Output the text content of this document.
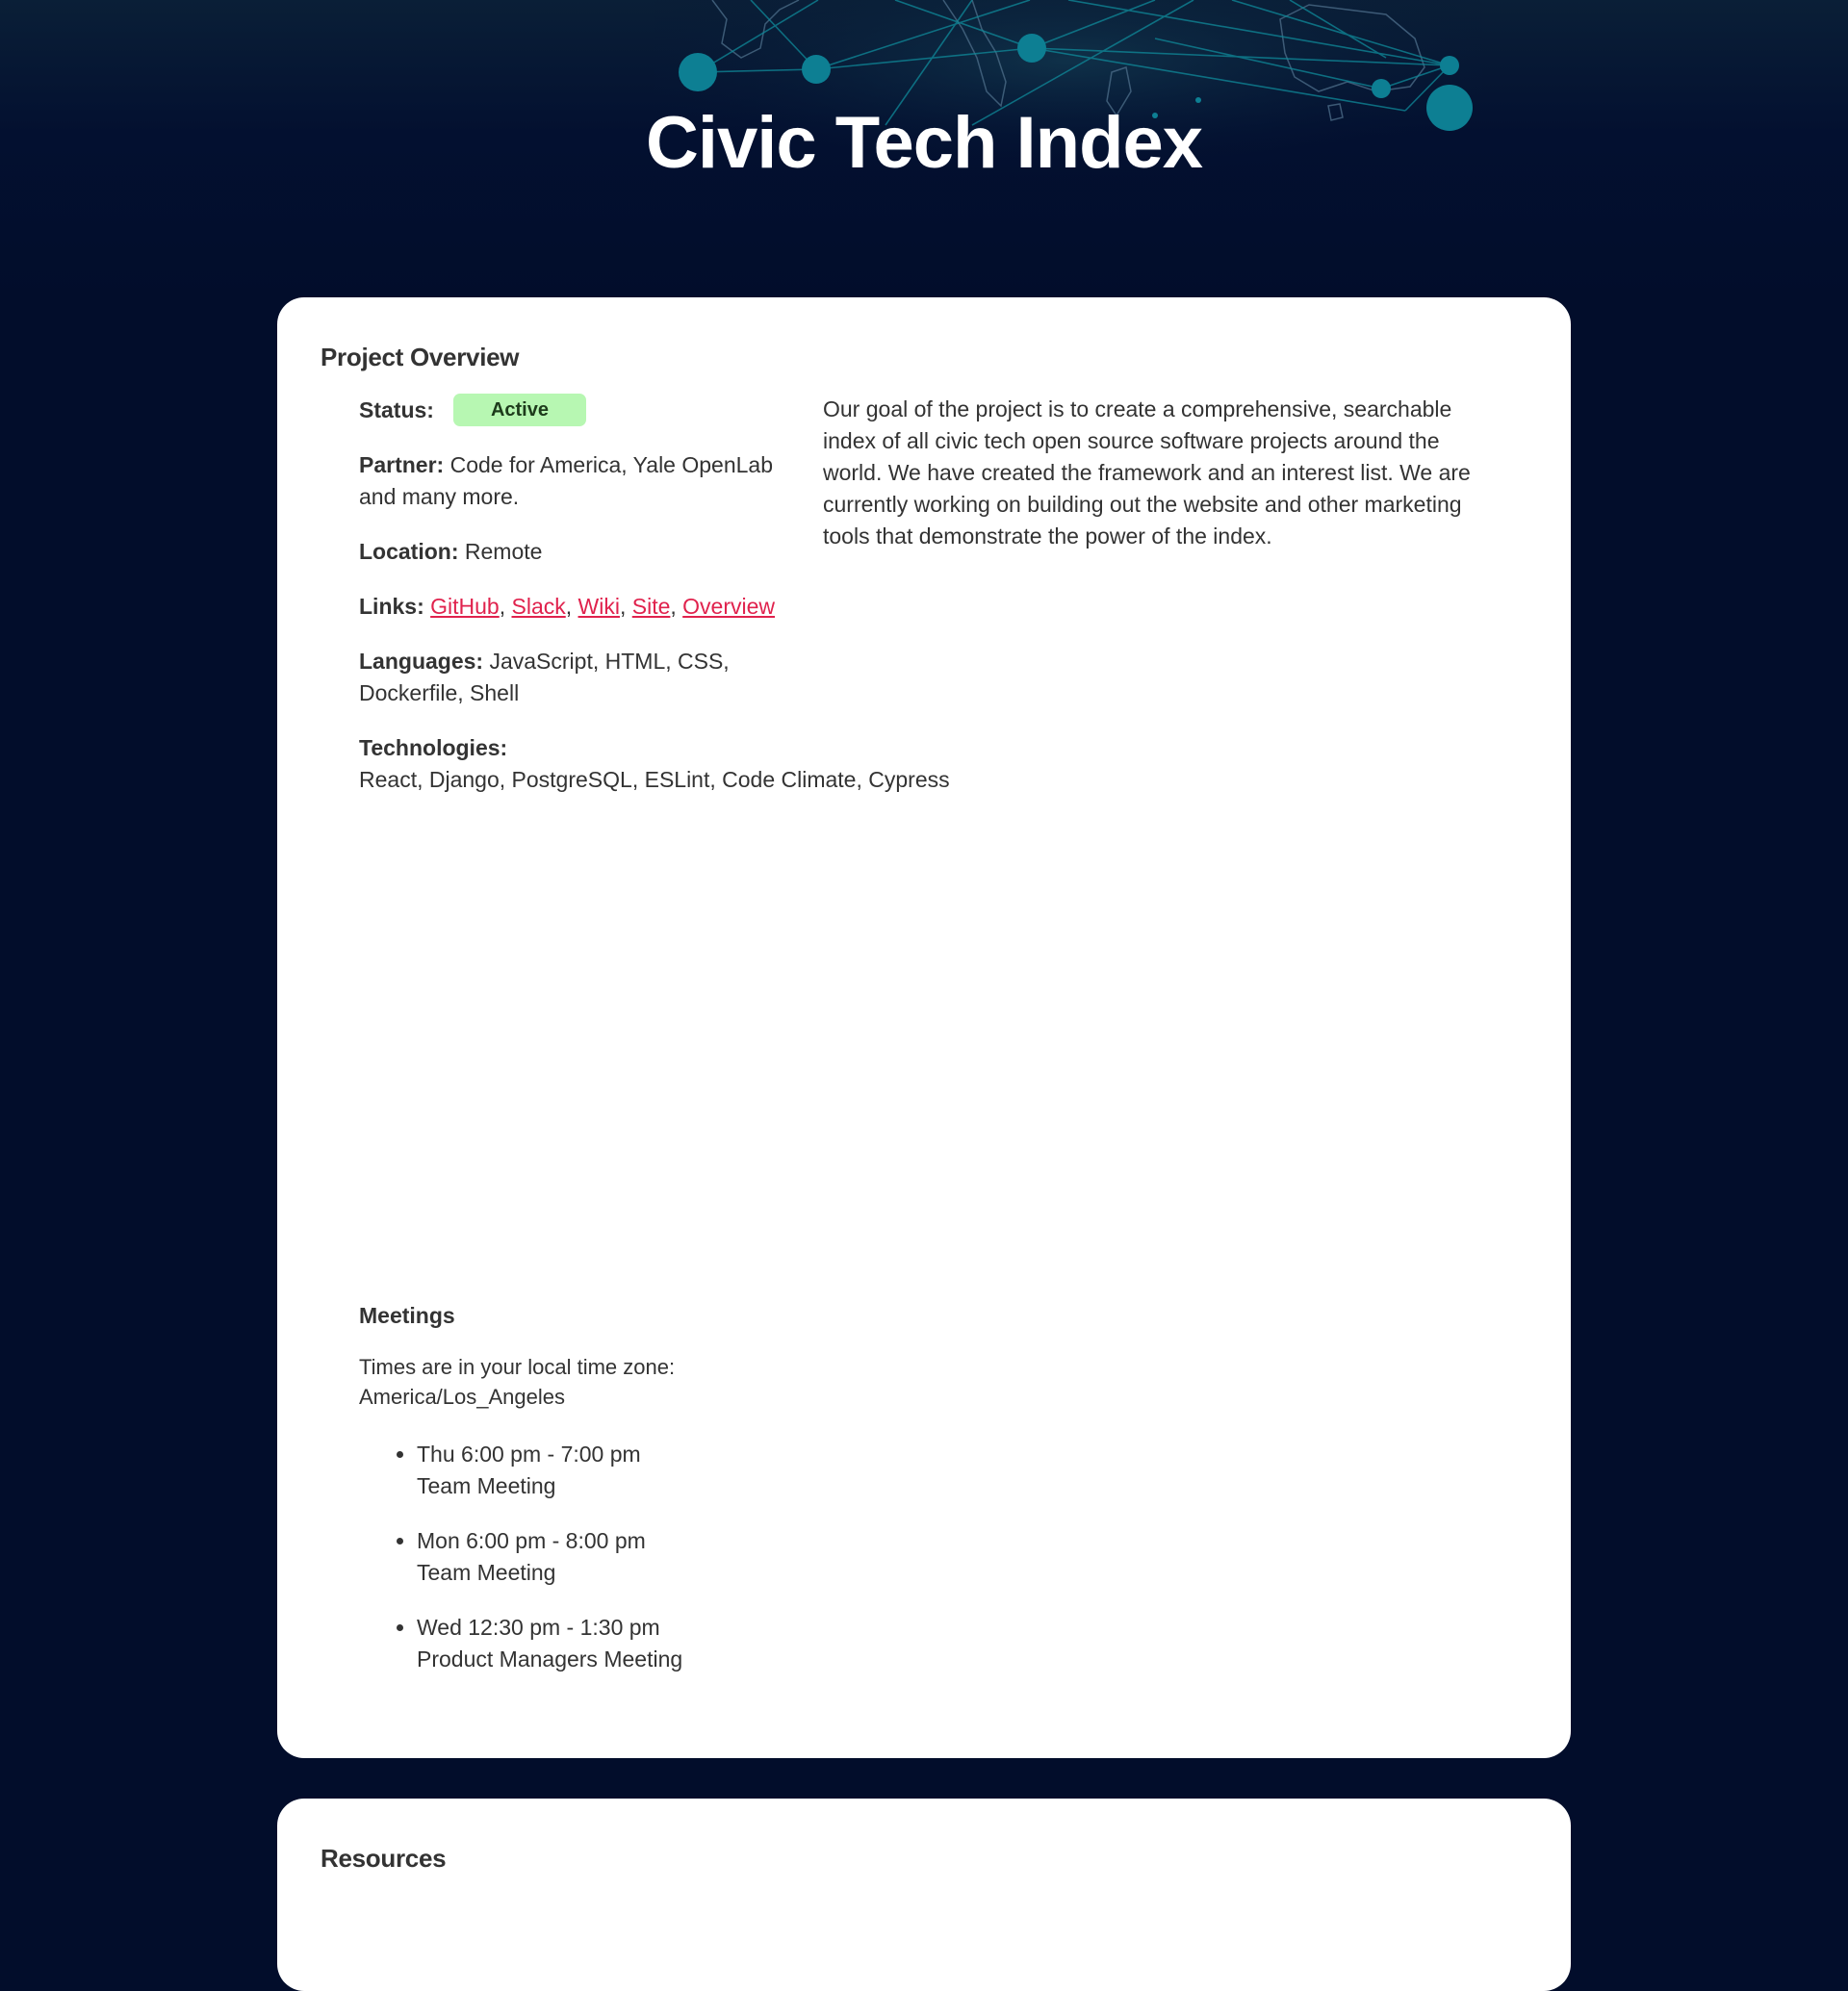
Civic Tech Index
Project Overview
Status:	Active
Partner: Code for America, Yale OpenLab and many more.
Location: Remote
Links: GitHub, Slack, Wiki, Site, Overview
Languages: JavaScript, HTML, CSS, Dockerfile, Shell
Technologies:
React, Django, PostgreSQL, ESLint, Code Climate, Cypress

Our goal of the project is to create a comprehensive, searchable index of all civic tech open source software projects around the world. We have created the framework and an interest list. We are currently working on building out the website and other marketing tools that demonstrate the power of the index.

Meetings
Times are in your local time zone:
America/Los_Angeles
• Thu 6:00 pm - 7:00 pm
Team Meeting
• Mon 6:00 pm - 8:00 pm
Team Meeting
• Wed 12:30 pm - 1:30 pm
Product Managers Meeting
Resources
